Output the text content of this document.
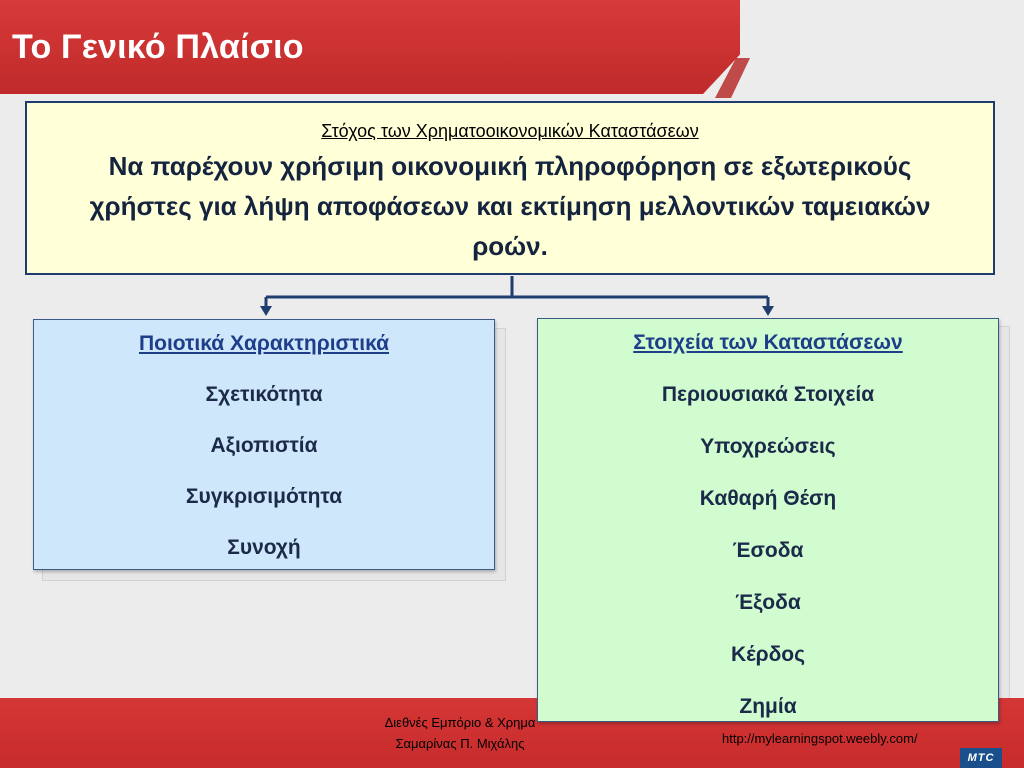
Το Γενικό Πλαίσιο
Στόχος των Χρηματοοικονομικών Καταστάσεων
Να παρέχουν χρήσιμη οικονομική πληροφόρηση σε εξωτερικούς χρήστες για λήψη αποφάσεων και εκτίμηση μελλοντικών ταμειακών ροών.
Ποιοτικά Χαρακτηριστικά
Σχετικότητα
Αξιοπιστία
Συγκρισιμότητα
Συνοχή
Στοιχεία των Καταστάσεων
Περιουσιακά Στοιχεία
Υποχρεώσεις
Καθαρή Θέση
Έσοδα
Έξοδα
Κέρδος
Ζημία
Διεθνές Εμπόριο & Χρημα
Σαμαρίνας Π. Μιχάλης	http://mylearningspot.weebly.com/
MTC
